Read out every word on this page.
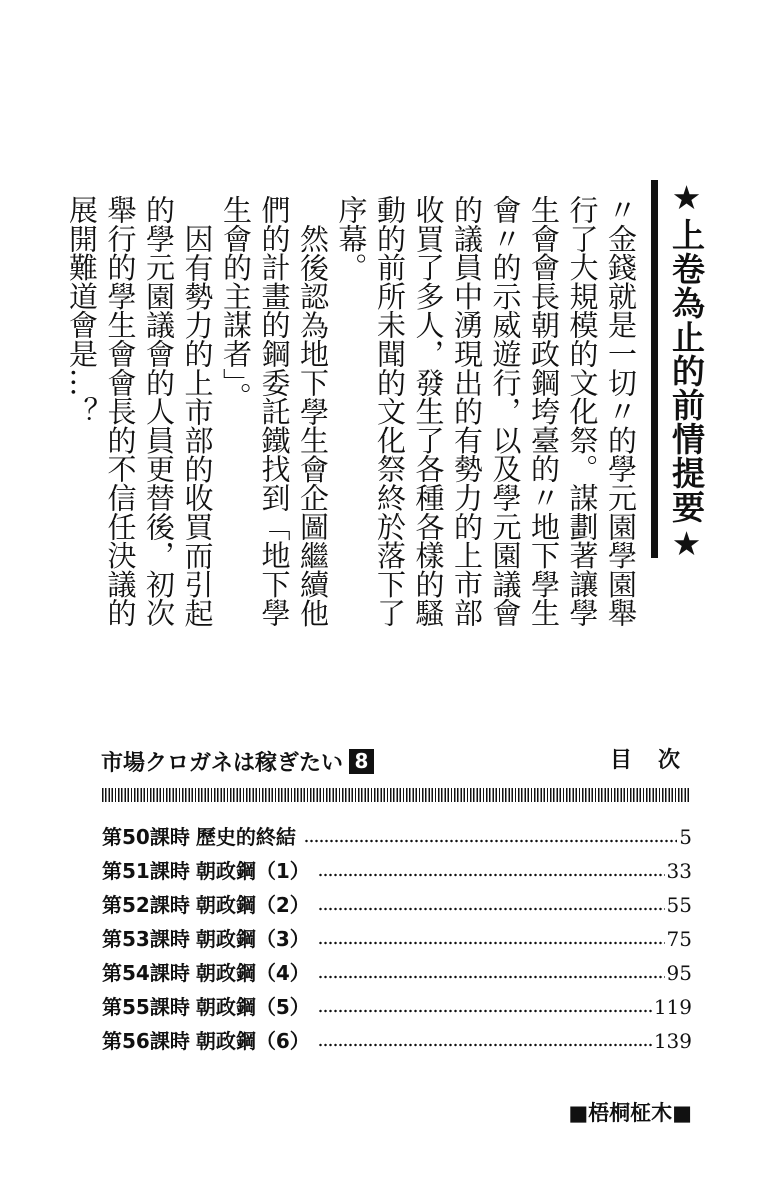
★上卷為止的前情提要★

〃金錢就是一切〃的學元園學園舉行了大規模的文化祭。謀劃著讓學生會會長朝政鋼垮臺的〃地下學生會〃的示威遊行，以及學元園議會的議員中湧現出的有勢力的上市部收買了多人，發生了各種各樣的騷動的前所未聞的文化祭終於落下了序幕。

然後認為地下學生會企圖繼續他們的計畫的鋼委託鐵找到「地下學生會的主謀者」。

因有勢力的上市部的收買而引起的學元園議會的人員更替後，初次舉行的學生會會長的不信任決議的展開難道會是…？

市場クロガネは稼ぎたい 8	目次
第50課時 歷史的終結	5
第51課時 朝政鋼（1）	33
第52課時 朝政鋼（2）	55
第53課時 朝政鋼（3）	75
第54課時 朝政鋼（4）	95
第55課時 朝政鋼（5）	119
第56課時 朝政鋼（6）	139
■梧桐柾木■
